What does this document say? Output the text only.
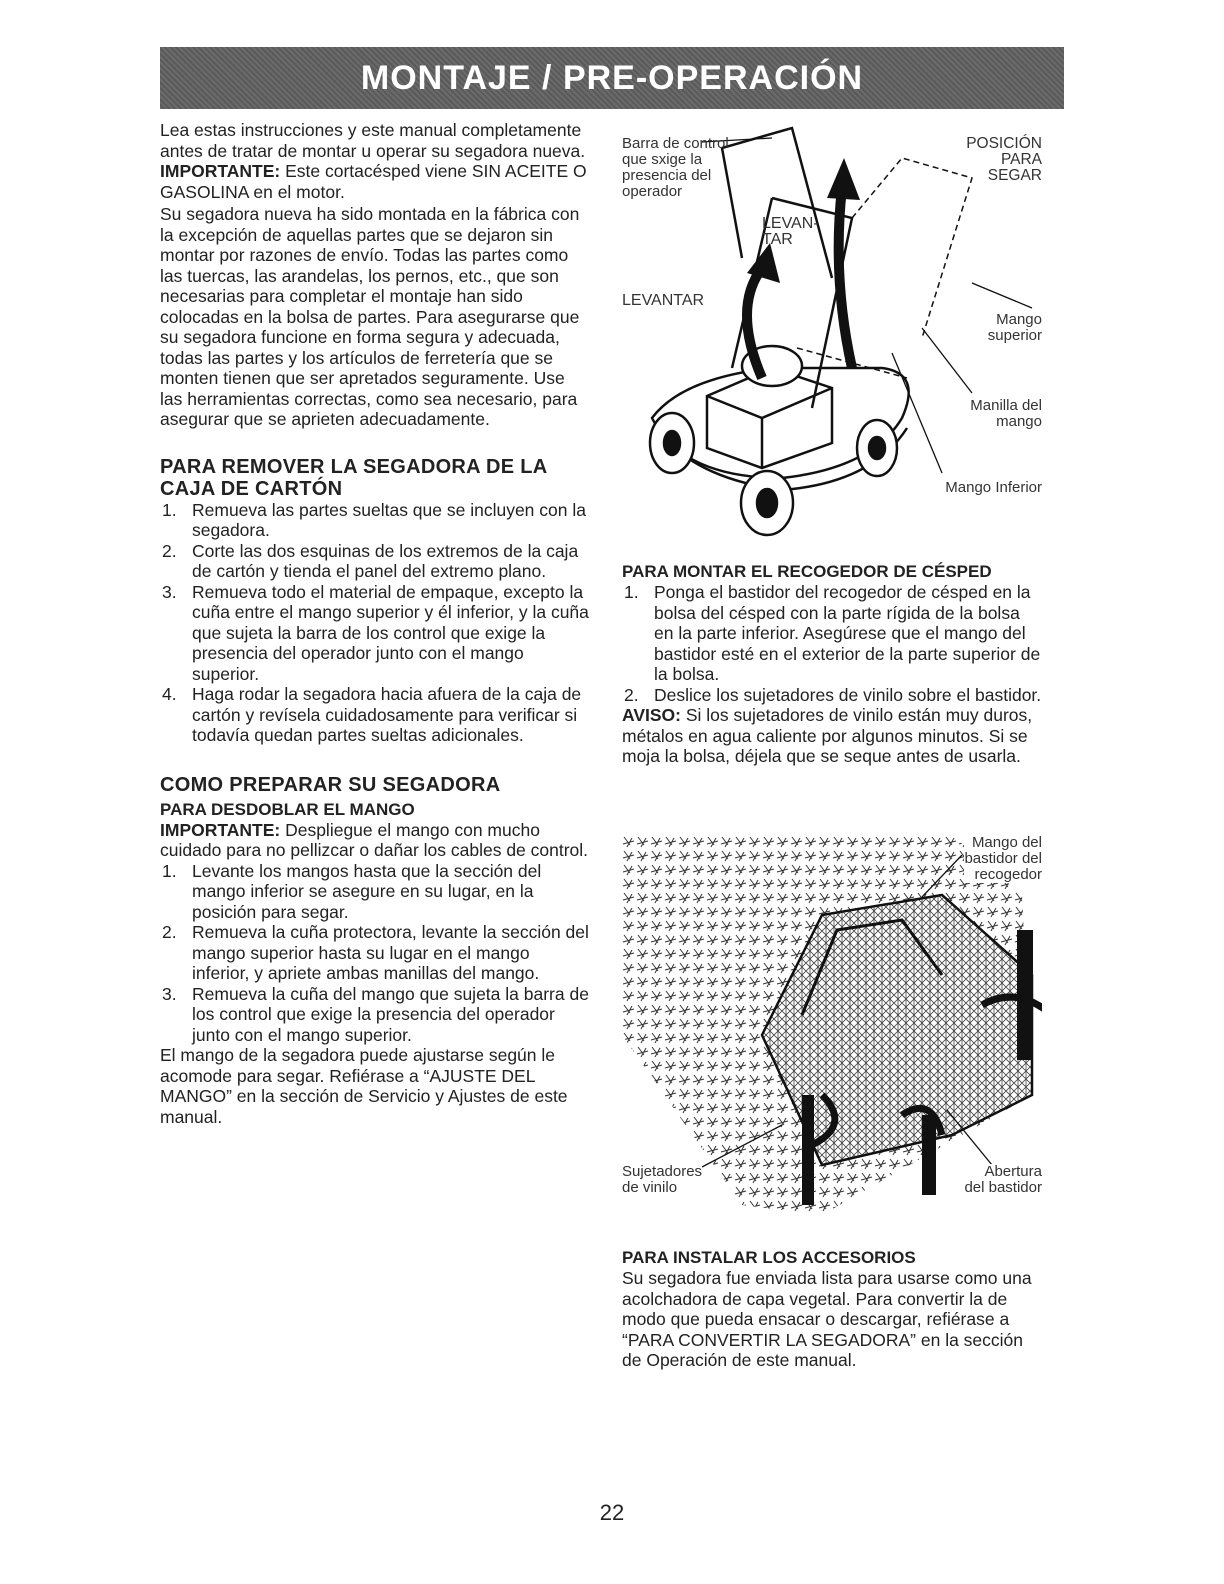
MONTAJE / PRE-OPERACIÓN

Lea estas instrucciones y este manual completamente antes de tratar de montar u operar su segadora nueva.

IMPORTANTE: Este cortacésped viene SIN ACEITE O GASOLINA en el motor.

Su segadora nueva ha sido montada en la fábrica con la excepción de aquellas partes que se dejaron sin montar por razones de envío. Todas las partes como las tuercas, las arandelas, los pernos, etc., que son necesarias para completar el montaje han sido colocadas en la bolsa de partes. Para asegurarse que su segadora funcione en forma segura y adecuada, todas las partes y los artículos de ferretería que se monten tienen que ser apretados seguramente. Use las herramientas correctas, como sea necesario, para asegurar que se aprieten adecuadamente.

PARA REMOVER LA SEGADORA DE LA CAJA DE CARTÓN
1. Remueva las partes sueltas que se incluyen con la segadora.
2. Corte las dos esquinas de los extremos de la caja de cartón y tienda el panel del extremo plano.
3. Remueva todo el material de empaque, excepto la cuña entre el mango superior y él inferior, y la cuña que sujeta la barra de los control que exige la presencia del operador junto con el mango superior.
4. Haga rodar la segadora hacia afuera de la caja de cartón y revísela cuidadosamente para verificar si todavía quedan partes sueltas adicionales.
COMO PREPARAR SU SEGADORA
PARA DESDOBLAR EL MANGO

IMPORTANTE: Despliegue el mango con mucho cuidado para no pellizcar o dañar los cables de control.

1. Levante los mangos hasta que la sección del mango inferior se asegure en su lugar, en la posición para segar.
2. Remueva la cuña protectora, levante la sección del mango superior hasta su lugar en el mango inferior, y apriete ambas manillas del mango.
3. Remueva la cuña del mango que sujeta la barra de los control que exige la presencia del operador junto con el mango superior.

El mango de la segadora puede ajustarse según le acomode para segar. Refiérase a “AJUSTE DEL MANGO” en la sección de Servicio y Ajustes de este manual.

Barra de control que sxige la presencia del operador
LEVAN-
TAR
LEVANTAR
POSICIÓN
PARA
SEGAR
Mango
superior
Manilla del
mango
Mango Inferior
PARA MONTAR EL RECOGEDOR DE CÉSPED
1. Ponga el bastidor del recogedor de césped en la bolsa del césped con la parte rígida de la bolsa en la parte inferior. Asegúrese que el mango del bastidor esté en el exterior de la parte superior de la bolsa.
2. Deslice los sujetadores de vinilo sobre el bastidor.

AVISO: Si los sujetadores de vinilo están muy duros, métalos en agua caliente por algunos minutos. Si se moja la bolsa, déjela que se seque antes de usarla.

Mango del
bastidor del
recogedor
Sujetadores
de vinilo
Abertura
del bastidor
PARA INSTALAR LOS ACCESORIOS

Su segadora fue enviada lista para usarse como una acolchadora de capa vegetal. Para convertir la de modo que pueda ensacar o descargar, refiérase a “PARA CONVERTIR LA SEGADORA” en la sección de Operación de este manual.

22
